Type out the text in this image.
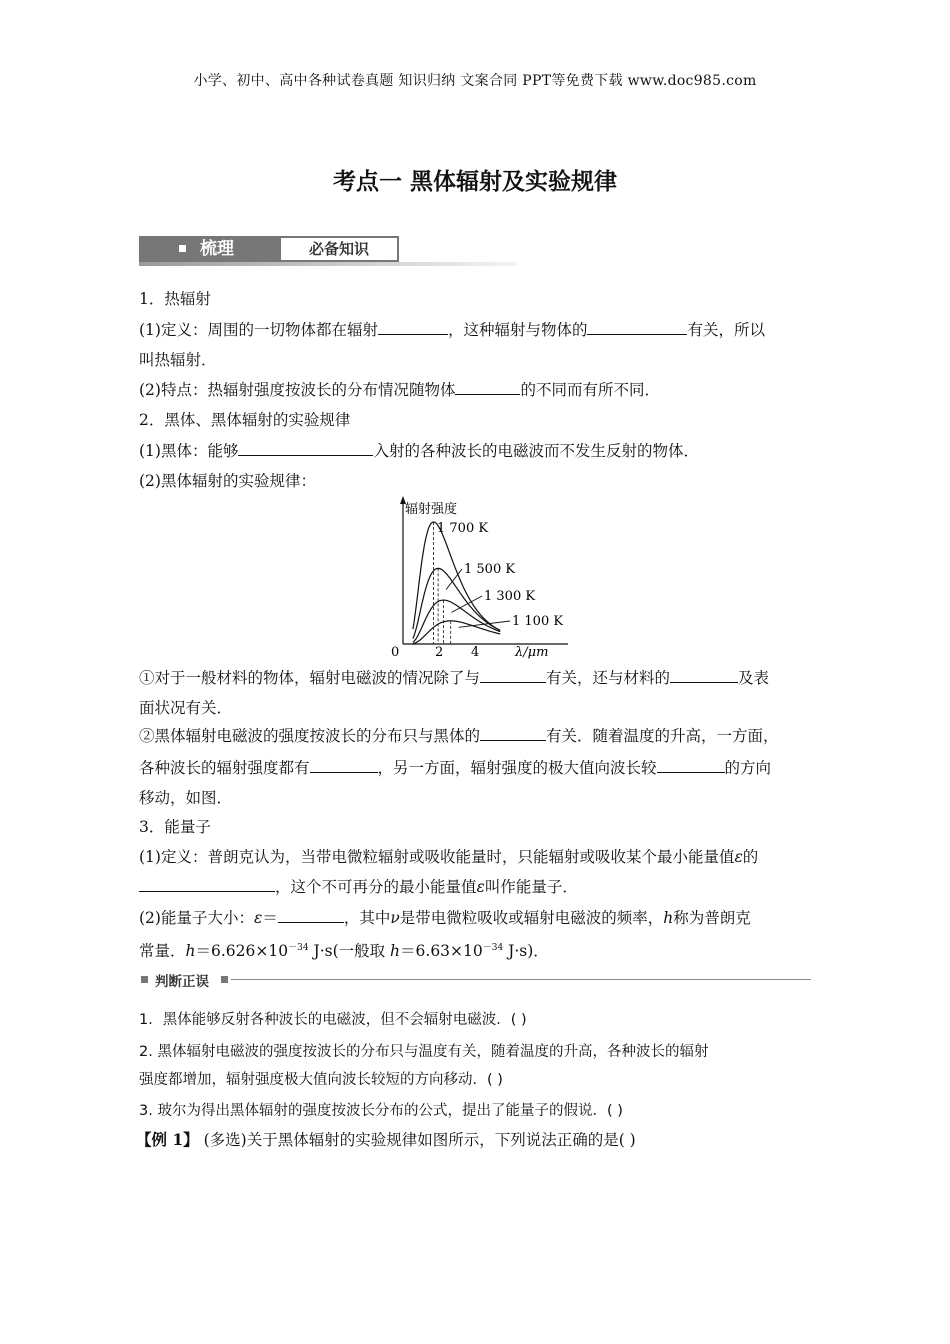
小学、初中、高中各种试卷真题 知识归纳 文案合同 PPT等免费下载 www.doc985.com
考点一 黑体辐射及实验规律
梳理	必备知识
1．热辐射
(1)定义：周围的一切物体都在辐射	，这种辐射与物体的	有关，所以
叫热辐射．
(2)特点：热辐射强度按波长的分布情况随物体	的不同而有所不同．
2．黑体、黑体辐射的实验规律
(1)黑体：能够	入射的各种波长的电磁波而不发生反射的物体．
(2)黑体辐射的实验规律：
辐射强度
λ/μm
0
1 700 K
1 500 K
1 300 K
1 100 K
2 4
①对于一般材料的物体，辐射电磁波的情况除了与	有关，还与材料的	及表
面状况有关．
②黑体辐射电磁波的强度按波长的分布只与黑体的	有关．随着温度的升高，一方面，
各种波长的辐射强度都有	，另一方面，辐射强度的极大值向波长较	的方向
移动，如图．
3．能量子
(1)定义：普朗克认为，当带电微粒辐射或吸收能量时，只能辐射或吸收某个最小能量值ε的
，这个不可再分的最小能量值ε叫作能量子．
(2)能量子大小：ε＝	，其中ν是带电微粒吸收或辐射电磁波的频率，h称为普朗克
常量．$h=6.626\times 10^{-34}$ J·s(一般取 $h=6.63\times 10^{-34}$ J·s)．
判断正误
1．黑体能够反射各种波长的电磁波，但不会辐射电磁波．( )
2. 黑体辐射电磁波的强度按波长的分布只与温度有关，随着温度的升高，各种波长的辐射
强度都增加，辐射强度极大值向波长较短的方向移动．( )
3. 玻尔为得出黑体辐射的强度按波长分布的公式，提出了能量子的假说．( )
【例 1】 (多选)关于黑体辐射的实验规律如图所示，下列说法正确的是( )
